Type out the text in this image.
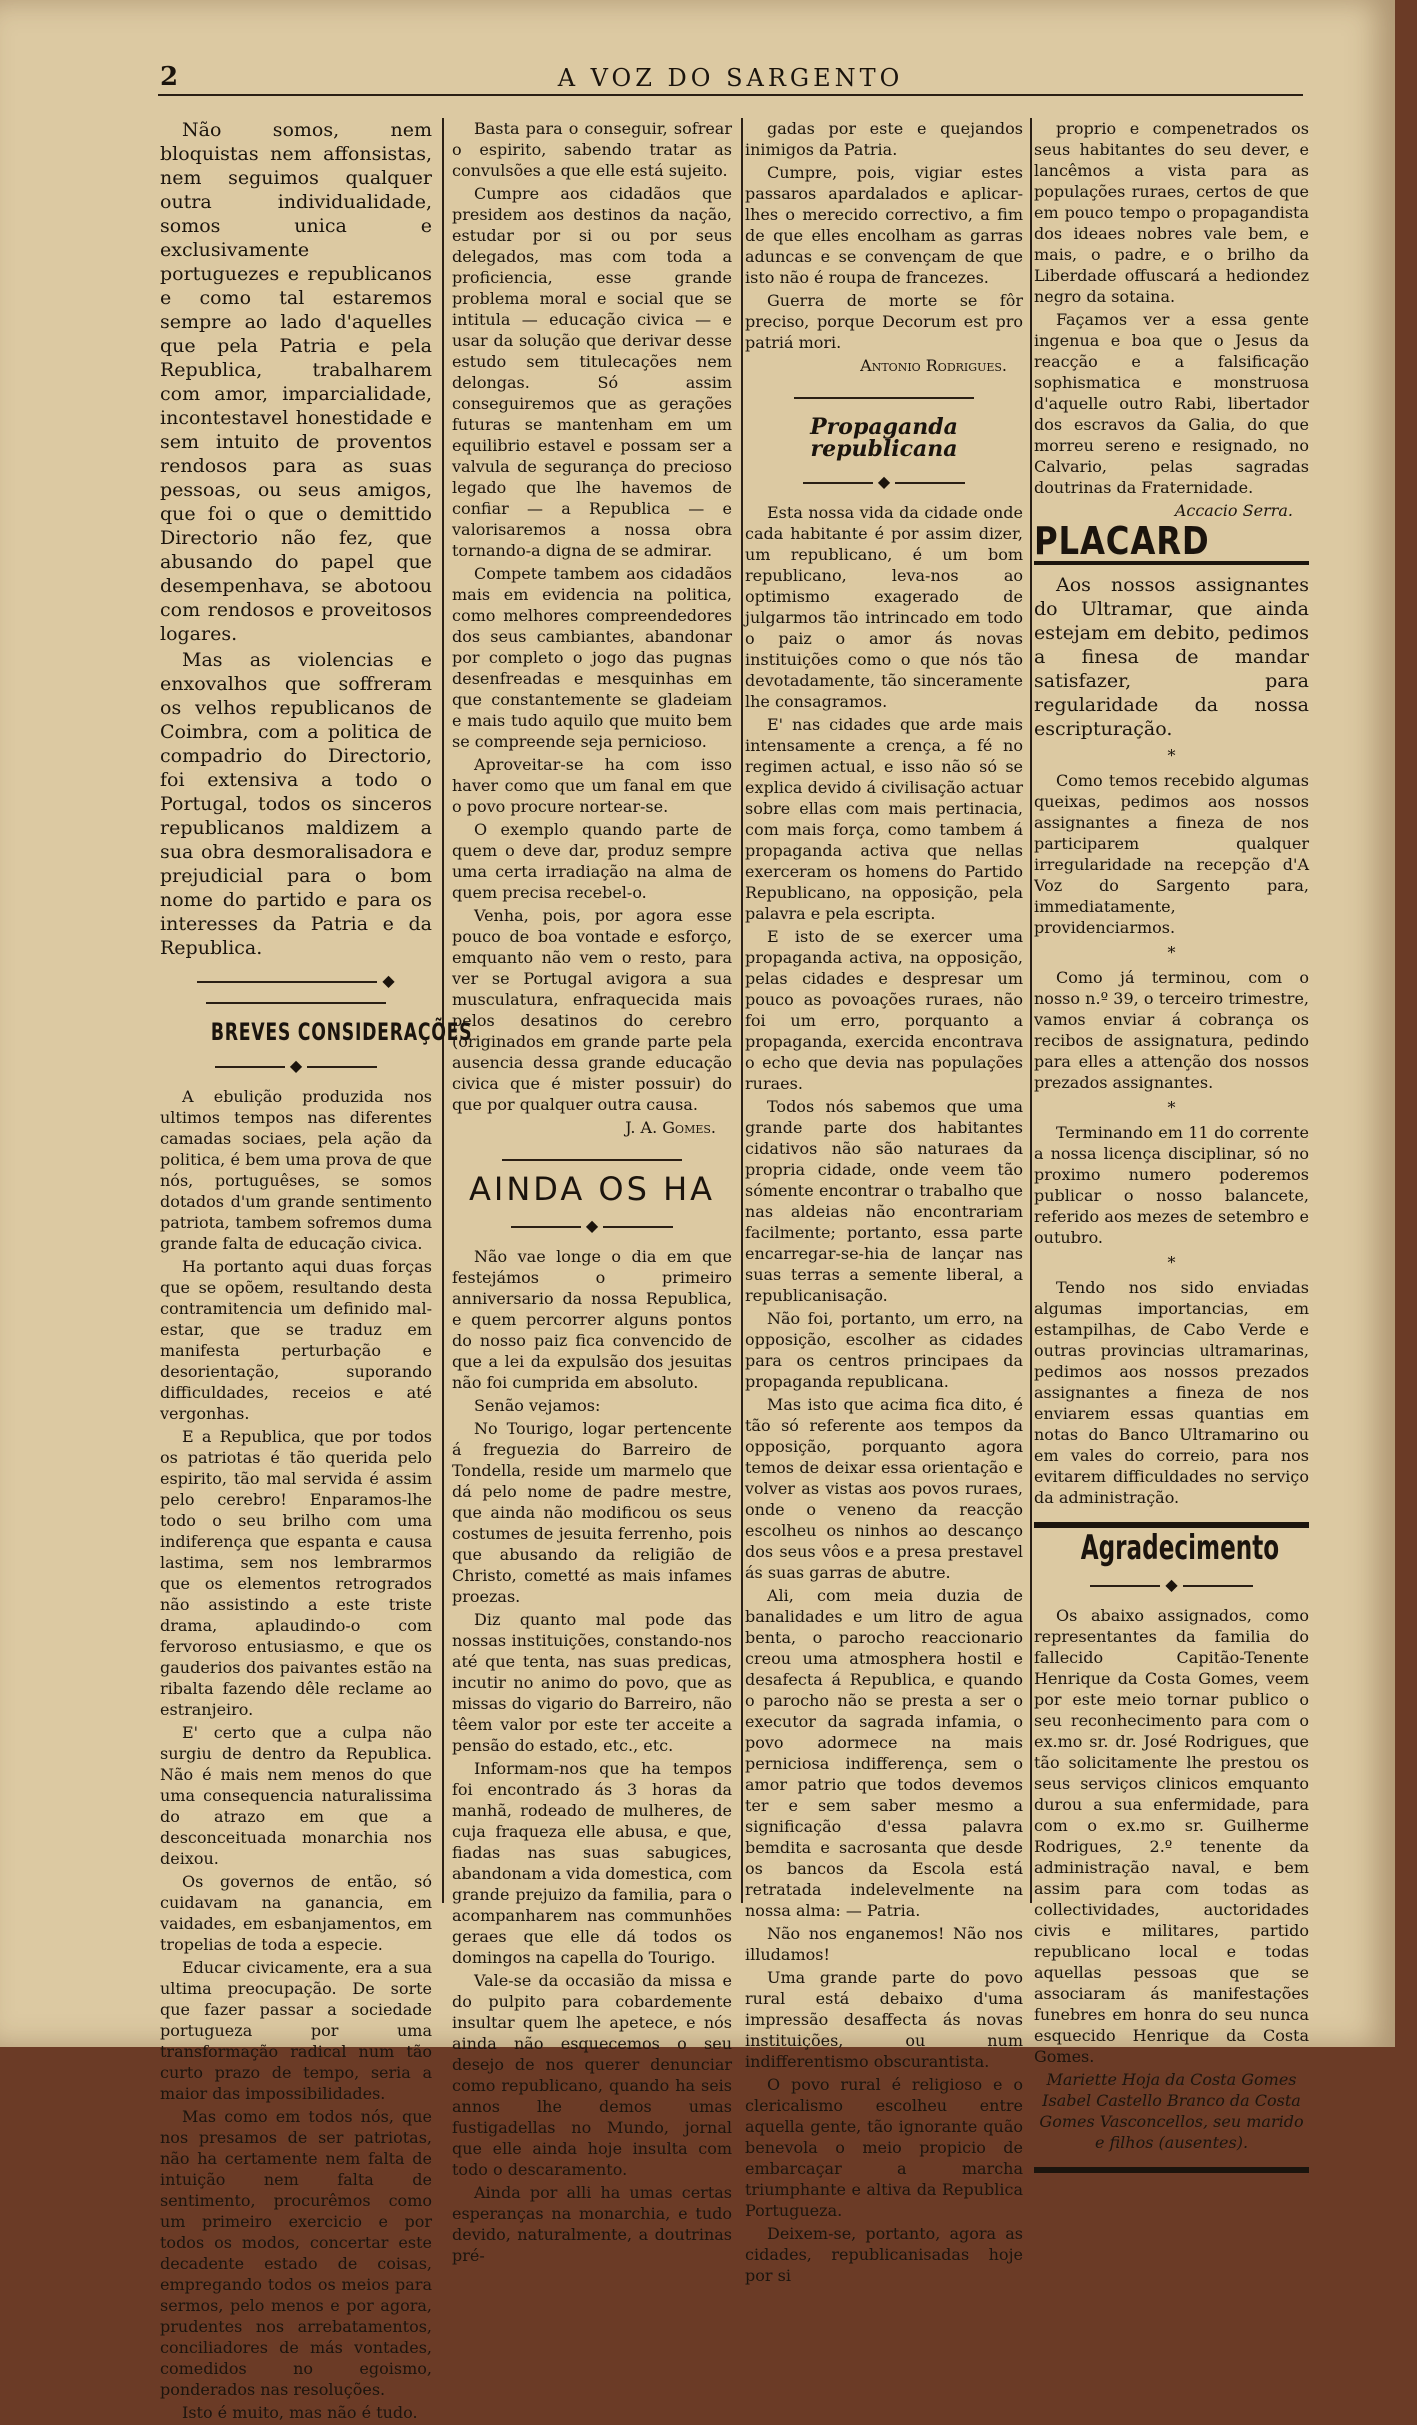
2	A VOZ DO SARGENTO

Não somos, nem bloquistas nem affonsistas, nem seguimos qualquer outra individualidade, somos unica e exclusivamente portuguezes e republicanos e como tal estaremos sempre ao lado d'aquelles que pela Patria e pela Republica, trabalharem com amor, imparcialidade, incontestavel honestidade e sem intuito de proventos rendosos para as suas pessoas, ou seus amigos, que foi o que o demittido Directorio não fez, que abusando do papel que desempenhava, se abotoou com rendosos e proveitosos logares.

Mas as violencias e enxovalhos que soffreram os velhos republicanos de Coimbra, com a politica de compadrio do Directorio, foi extensiva a todo o Portugal, todos os sinceros republicanos maldizem a sua obra desmoralisadora e prejudicial para o bom nome do partido e para os interesses da Patria e da Republica.

◆
BREVES CONSIDERAÇÕES
◆

A ebulição produzida nos ultimos tempos nas diferentes camadas sociaes, pela ação da politica, é bem uma prova de que nós, portuguêses, se somos dotados d'um grande sentimento patriota, tambem sofremos duma grande falta de educação civica.

Ha portanto aqui duas forças que se opõem, resultando desta contramitencia um definido mal-estar, que se traduz em manifesta perturbação e desorientação, suporando difficuldades, receios e até vergonhas.

E a Republica, que por todos os patriotas é tão querida pelo espirito, tão mal servida é assim pelo cerebro! Enparamos-lhe todo o seu brilho com uma indiferença que espanta e causa lastima, sem nos lembrarmos que os elementos retrogrados não assistindo a este triste drama, aplaudindo-o com fervoroso entusiasmo, e que os gauderios dos paivantes estão na ribalta fazendo dêle reclame ao estranjeiro.

E' certo que a culpa não surgiu de dentro da Republica. Não é mais nem menos do que uma consequencia naturalissima do atrazo em que a desconceituada monarchia nos deixou.

Os governos de então, só cuidavam na ganancia, em vaidades, em esbanjamentos, em tropelias de toda a especie.

Educar civicamente, era a sua ultima preocupação. De sorte que fazer passar a sociedade portugueza por uma transformação radical num tão curto prazo de tempo, seria a maior das impossibilidades.

Mas como em todos nós, que nos presamos de ser patriotas, não ha certamente nem falta de intuição nem falta de sentimento, procurêmos como um primeiro exercicio e por todos os modos, concertar este decadente estado de coisas, empregando todos os meios para sermos, pelo menos e por agora, prudentes nos arrebatamentos, conciliadores de más vontades, comedidos no egoismo, ponderados nas resoluções.

Isto é muito, mas não é tudo.

Basta para o conseguir, sofrear o espirito, sabendo tratar as convulsões a que elle está sujeito.

Cumpre aos cidadãos que presidem aos destinos da nação, estudar por si ou por seus delegados, mas com toda a proficiencia, esse grande problema moral e social que se intitula — educação civica — e usar da solução que derivar desse estudo sem titulecações nem delongas. Só assim conseguiremos que as gerações futuras se mantenham em um equilibrio estavel e possam ser a valvula de segurança do precioso legado que lhe havemos de confiar — a Republica — e valorisaremos a nossa obra tornando-a digna de se admirar.

Compete tambem aos cidadãos mais em evidencia na politica, como melhores compreendedores dos seus cambiantes, abandonar por completo o jogo das pugnas desenfreadas e mesquinhas em que constantemente se gladeiam e mais tudo aquilo que muito bem se compreende seja pernicioso.

Aproveitar-se ha com isso haver como que um fanal em que o povo procure nortear-se.

O exemplo quando parte de quem o deve dar, produz sempre uma certa irradiação na alma de quem precisa recebel-o.

Venha, pois, por agora esse pouco de boa vontade e esforço, emquanto não vem o resto, para ver se Portugal avigora a sua musculatura, enfraquecida mais pelos desatinos do cerebro (originados em grande parte pela ausencia dessa grande educação civica que é mister possuir) do que por qualquer outra causa.

J. A. Gomes.

AINDA OS HA
◆

Não vae longe o dia em que festejámos o primeiro anniversario da nossa Republica, e quem percorrer alguns pontos do nosso paiz fica convencido de que a lei da expulsão dos jesuitas não foi cumprida em absoluto.

Senão vejamos:

No Tourigo, logar pertencente á freguezia do Barreiro de Tondella, reside um marmelo que dá pelo nome de padre mestre, que ainda não modificou os seus costumes de jesuita ferrenho, pois que abusando da religião de Christo, cometté as mais infames proezas.

Diz quanto mal pode das nossas instituições, constando-nos até que tenta, nas suas predicas, incutir no animo do povo, que as missas do vigario do Barreiro, não têem valor por este ter acceite a pensão do estado, etc., etc.

Informam-nos que ha tempos foi encontrado ás 3 horas da manhã, rodeado de mulheres, de cuja fraqueza elle abusa, e que, fiadas nas suas sabugices, abandonam a vida domestica, com grande prejuizo da familia, para o acompanharem nas communhões geraes que elle dá todos os domingos na capella do Tourigo.

Vale-se da occasião da missa e do pulpito para cobardemente insultar quem lhe apetece, e nós ainda não esquecemos o seu desejo de nos querer denunciar como republicano, quando ha seis annos lhe demos umas fustigadellas no Mundo, jornal que elle ainda hoje insulta com todo o descaramento.

Ainda por alli ha umas certas esperanças na monarchia, e tudo devido, naturalmente, a doutrinas pré-

gadas por este e quejandos inimigos da Patria.

Cumpre, pois, vigiar estes passaros apardalados e aplicar-lhes o merecido correctivo, a fim de que elles encolham as garras aduncas e se convençam de que isto não é roupa de francezes.

Guerra de morte se fôr preciso, porque Decorum est pro patriá mori.

Antonio Rodrigues.

Propaganda republicana
◆

Esta nossa vida da cidade onde cada habitante é por assim dizer, um republicano, é um bom republicano, leva-nos ao optimismo exagerado de julgarmos tão intrincado em todo o paiz o amor ás novas instituições como o que nós tão devotadamente, tão sinceramente lhe consagramos.

E' nas cidades que arde mais intensamente a crença, a fé no regimen actual, e isso não só se explica devido á civilisação actuar sobre ellas com mais pertinacia, com mais força, como tambem á propaganda activa que nellas exerceram os homens do Partido Republicano, na opposição, pela palavra e pela escripta.

E isto de se exercer uma propaganda activa, na opposição, pelas cidades e despresar um pouco as povoações ruraes, não foi um erro, porquanto a propaganda, exercida encontrava o echo que devia nas populações ruraes.

Todos nós sabemos que uma grande parte dos habitantes cidativos não são naturaes da propria cidade, onde veem tão sómente encontrar o trabalho que nas aldeias não encontrariam facilmente; portanto, essa parte encarregar-se-hia de lançar nas suas terras a semente liberal, a republicanisação.

Não foi, portanto, um erro, na opposição, escolher as cidades para os centros principaes da propaganda republicana.

Mas isto que acima fica dito, é tão só referente aos tempos da opposição, porquanto agora temos de deixar essa orientação e volver as vistas aos povos ruraes, onde o veneno da reacção escolheu os ninhos ao descanço dos seus vôos e a presa prestavel ás suas garras de abutre.

Ali, com meia duzia de banalidades e um litro de agua benta, o parocho reaccionario creou uma atmosphera hostil e desafecta á Republica, e quando o parocho não se presta a ser o executor da sagrada infamia, o povo adormece na mais perniciosa indifferença, sem o amor patrio que todos devemos ter e sem saber mesmo a significação d'essa palavra bemdita e sacrosanta que desde os bancos da Escola está retratada indelevelmente na nossa alma: — Patria.

Não nos enganemos! Não nos illudamos!

Uma grande parte do povo rural está debaixo d'uma impressão desaffecta ás novas instituições, ou num indifferentismo obscurantista.

O povo rural é religioso e o clericalismo escolheu entre aquella gente, tão ignorante quão benevola o meio propicio de embarcaçar a marcha triumphante e altiva da Republica Portugueza.

Deixem-se, portanto, agora as cidades, republicanisadas hoje por si

proprio e compenetrados os seus habitantes do seu dever, e lancêmos a vista para as populações ruraes, certos de que em pouco tempo o propagandista dos ideaes nobres vale bem, e mais, o padre, e o brilho da Liberdade offuscará a hediondez negro da sotaina.

Façamos ver a essa gente ingenua e boa que o Jesus da reacção e a falsificação sophismatica e monstruosa d'aquelle outro Rabi, libertador dos escravos da Galia, do que morreu sereno e resignado, no Calvario, pelas sagradas doutrinas da Fraternidade.

Accacio Serra.

PLACARD

Aos nossos assignantes do Ultramar, que ainda estejam em debito, pedimos a finesa de mandar satisfazer, para regularidade da nossa escripturação.

*

Como temos recebido algumas queixas, pedimos aos nossos assignantes a fineza de nos participarem qualquer irregularidade na recepção d'A Voz do Sargento para, immediatamente, providenciarmos.

*

Como já terminou, com o nosso n.º 39, o terceiro trimestre, vamos enviar á cobrança os recibos de assignatura, pedindo para elles a attenção dos nossos prezados assignantes.

*

Terminando em 11 do corrente a nossa licença disciplinar, só no proximo numero poderemos publicar o nosso balancete, referido aos mezes de setembro e outubro.

*

Tendo nos sido enviadas algumas importancias, em estampilhas, de Cabo Verde e outras provincias ultramarinas, pedimos aos nossos prezados assignantes a fineza de nos enviarem essas quantias em notas do Banco Ultramarino ou em vales do correio, para nos evitarem difficuldades no serviço da administração.

Agradecimento
◆

Os abaixo assignados, como representantes da familia do fallecido Capitão-Tenente Henrique da Costa Gomes, veem por este meio tornar publico o seu reconhecimento para com o ex.mo sr. dr. José Rodrigues, que tão solicitamente lhe prestou os seus serviços clinicos emquanto durou a sua enfermidade, para com o ex.mo sr. Guilherme Rodrigues, 2.º tenente da administração naval, e bem assim para com todas as collectividades, auctoridades civis e militares, partido republicano local e todas aquellas pessoas que se associaram ás manifestações funebres em honra do seu nunca esquecido Henrique da Costa Gomes.

Mariette Hoja da Costa Gomes Isabel Castello Branco da Costa Gomes Vasconcellos, seu marido e filhos (ausentes).
